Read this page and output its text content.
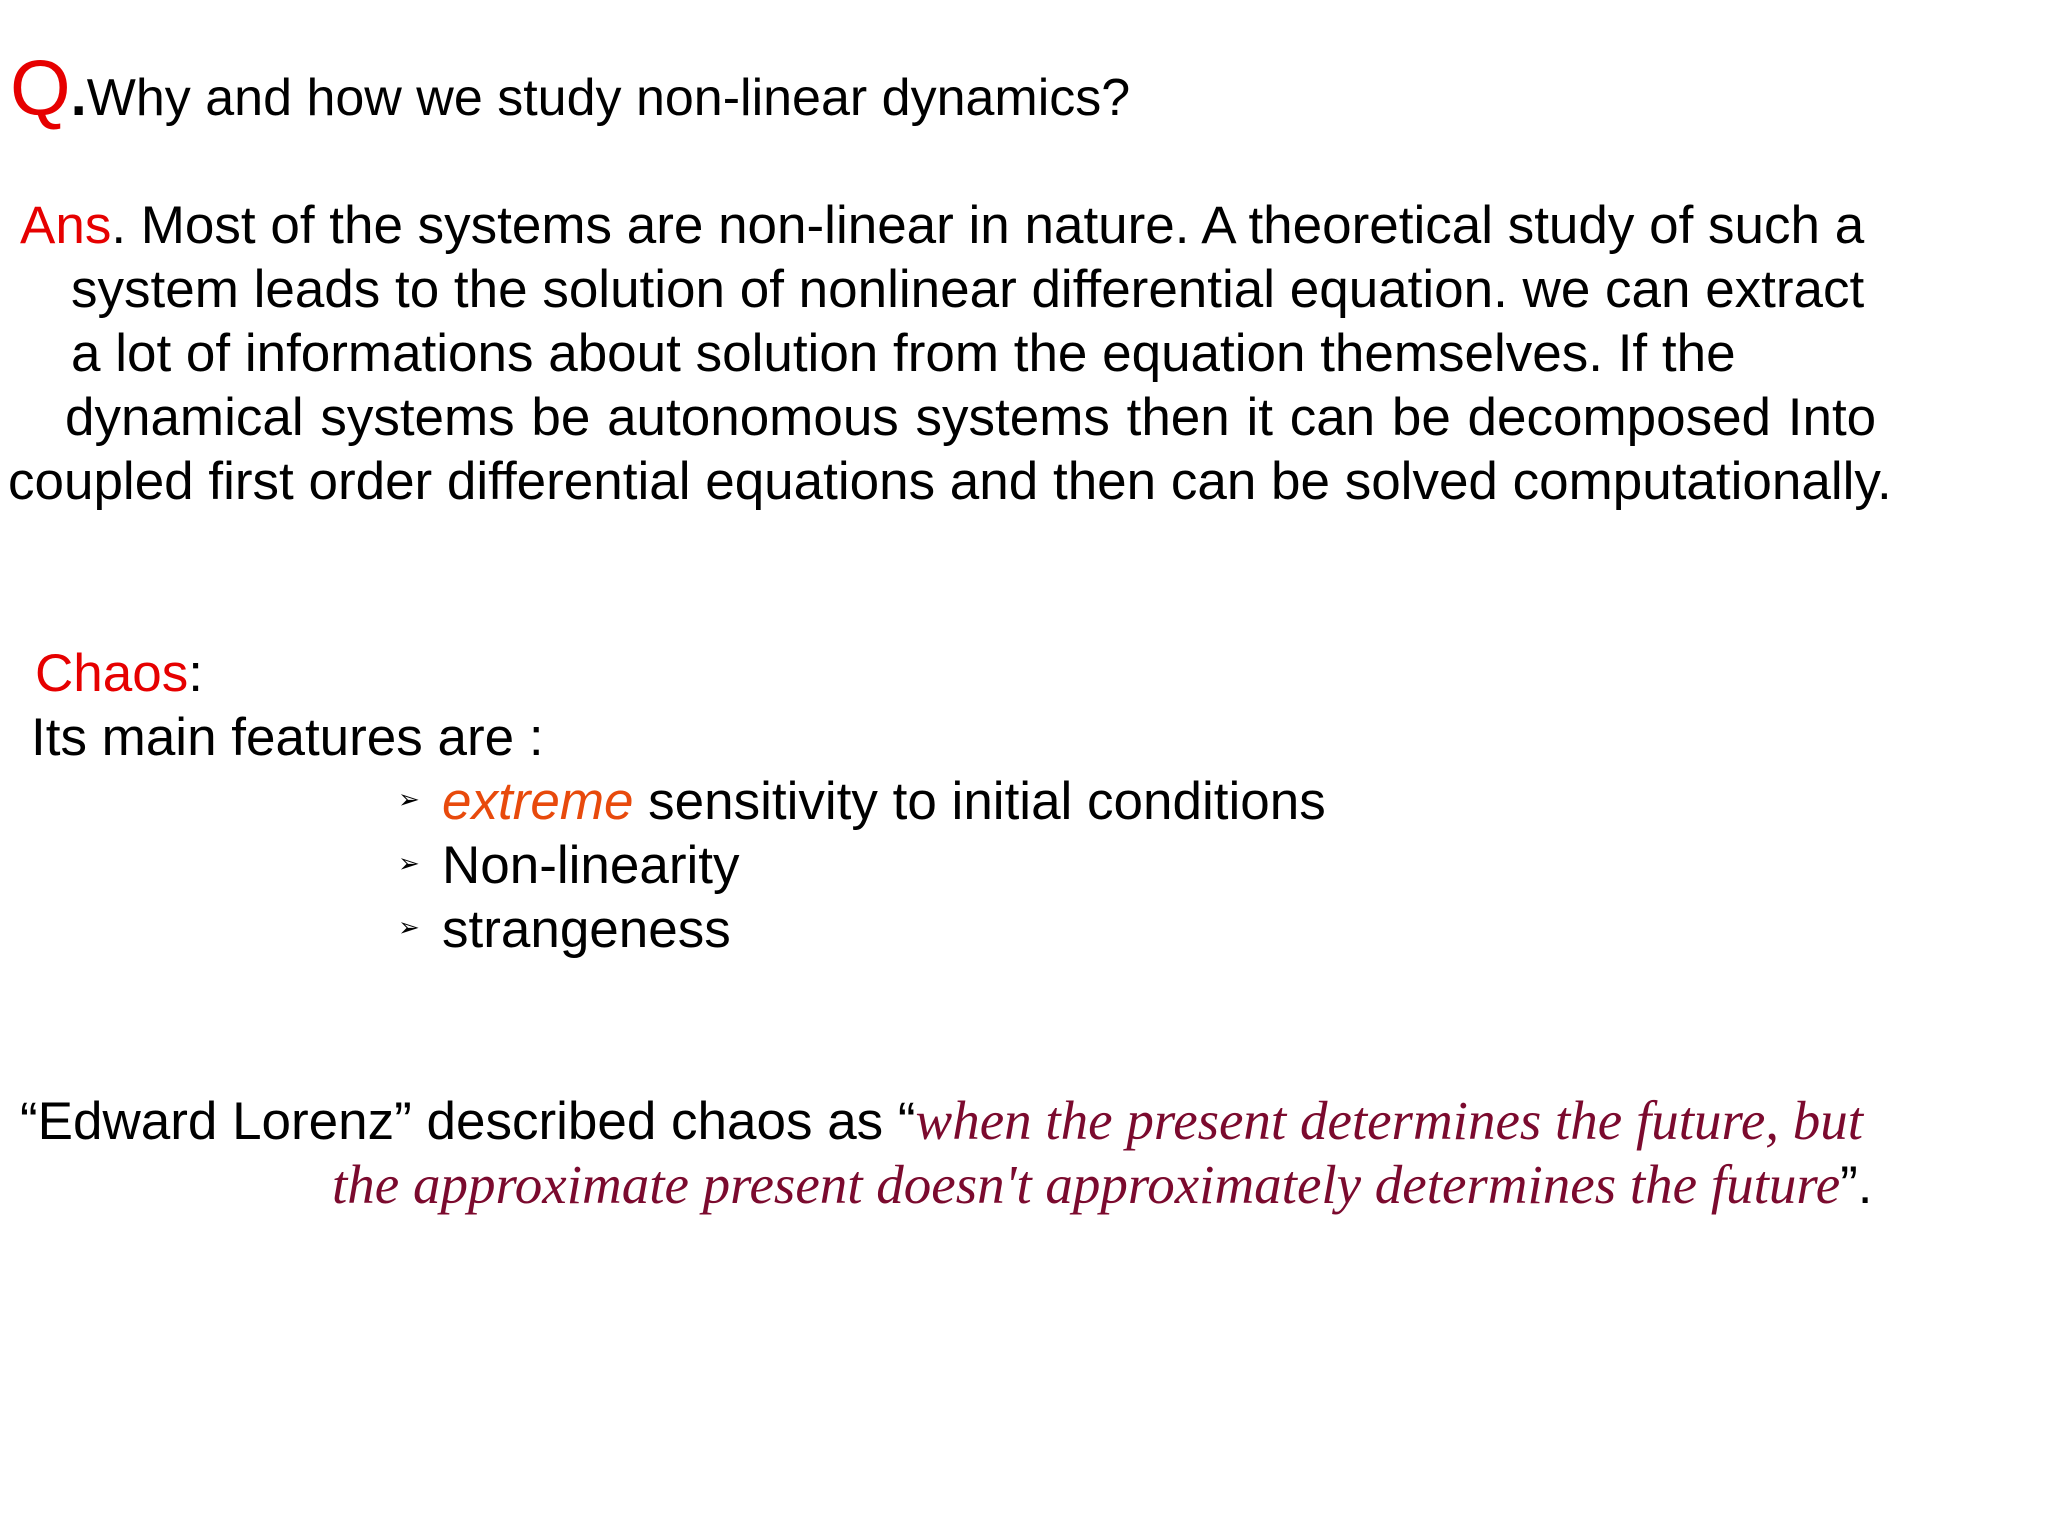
Q.Why and how we study non-linear dynamics?
Ans. Most of the systems are non-linear in nature. A theoretical study of such a
system leads to the solution of nonlinear differential equation. we can extract
a lot of informations about solution from the equation themselves. If the
dynamical systems be autonomous systems then it can be decomposed Into
coupled first order differential equations and then can be solved computationally.
Chaos:
Its main features are :
➢ extreme sensitivity to initial conditions
➢ Non-linearity
➢ strangeness
“Edward Lorenz” described chaos as “when the present determines the future, but
the approximate present doesn't approximately determines the future”.
